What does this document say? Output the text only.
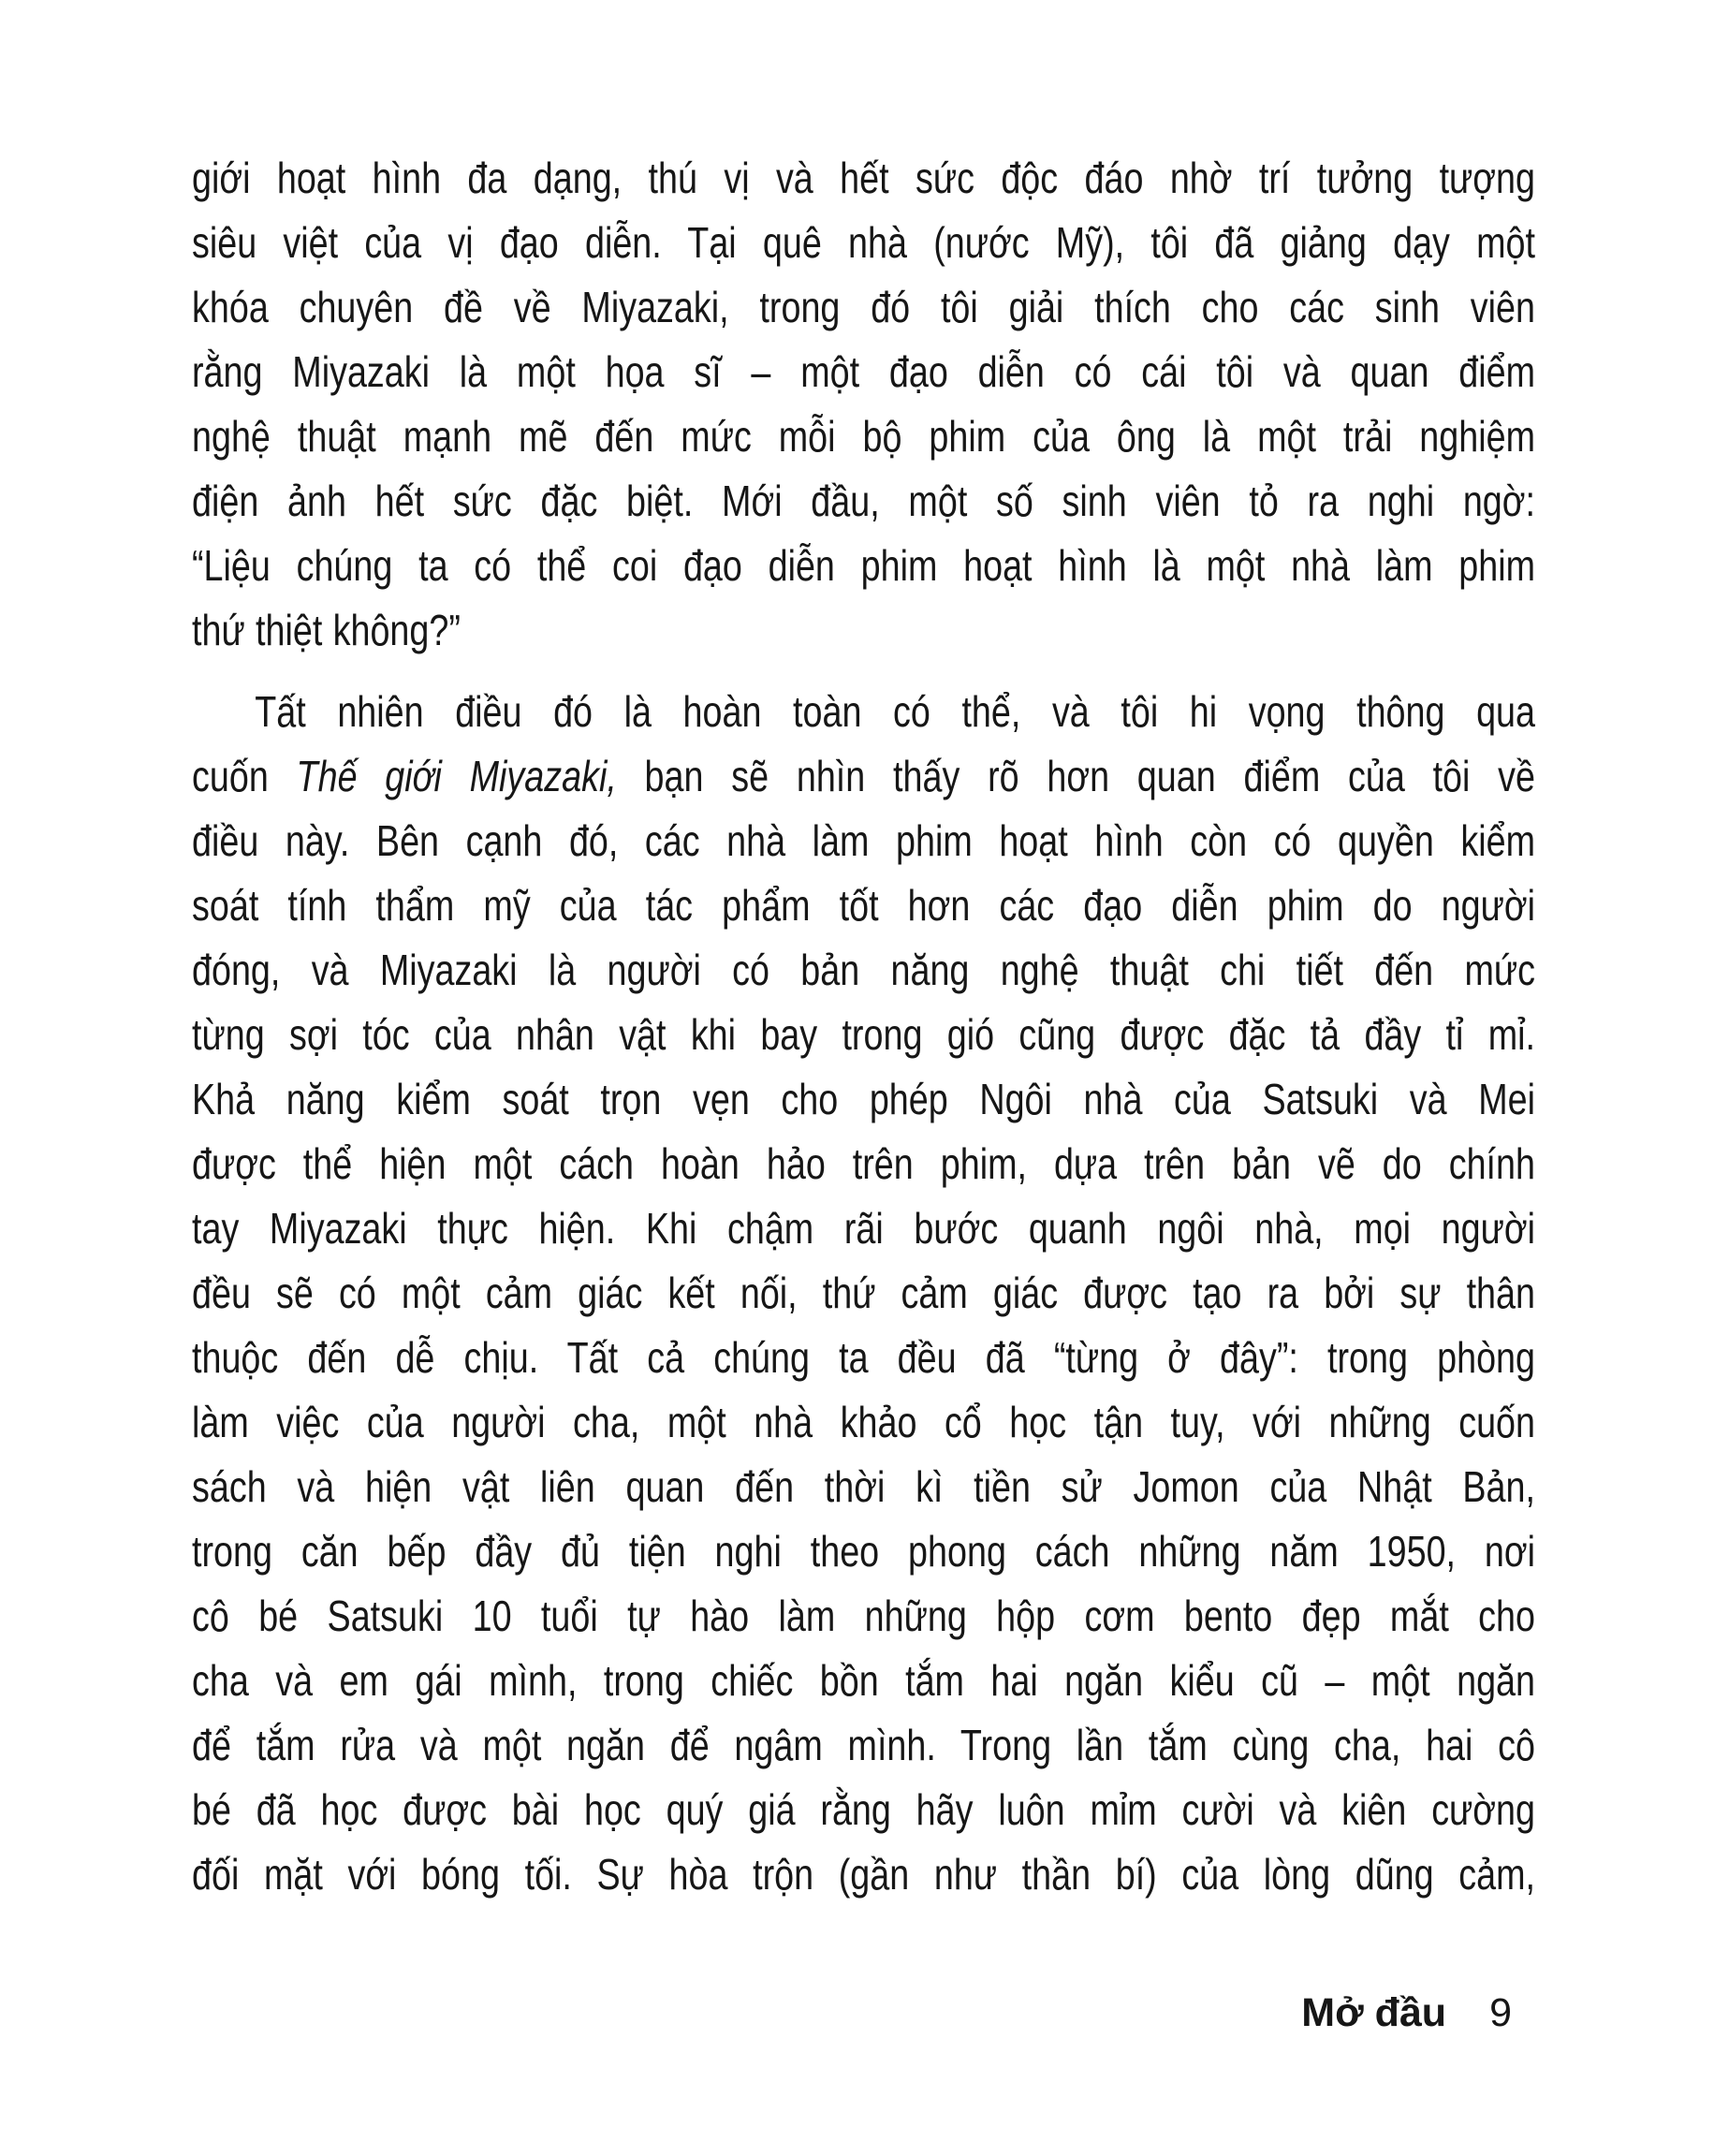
giới hoạt hình đa dạng, thú vị và hết sức độc đáo nhờ trí tưởng tượng
siêu việt của vị đạo diễn. Tại quê nhà (nước Mỹ), tôi đã giảng dạy một
khóa chuyên đề về Miyazaki, trong đó tôi giải thích cho các sinh viên
rằng Miyazaki là một họa sĩ – một đạo diễn có cái tôi và quan điểm
nghệ thuật mạnh mẽ đến mức mỗi bộ phim của ông là một trải nghiệm
điện ảnh hết sức đặc biệt. Mới đầu, một số sinh viên tỏ ra nghi ngờ:
“Liệu chúng ta có thể coi đạo diễn phim hoạt hình là một nhà làm phim
thứ thiệt không?”
Tất nhiên điều đó là hoàn toàn có thể, và tôi hi vọng thông qua
cuốn Thế giới Miyazaki, bạn sẽ nhìn thấy rõ hơn quan điểm của tôi về
điều này. Bên cạnh đó, các nhà làm phim hoạt hình còn có quyền kiểm
soát tính thẩm mỹ của tác phẩm tốt hơn các đạo diễn phim do người
đóng, và Miyazaki là người có bản năng nghệ thuật chi tiết đến mức
từng sợi tóc của nhân vật khi bay trong gió cũng được đặc tả đầy tỉ mỉ.
Khả năng kiểm soát trọn vẹn cho phép Ngôi nhà của Satsuki và Mei
được thể hiện một cách hoàn hảo trên phim, dựa trên bản vẽ do chính
tay Miyazaki thực hiện. Khi chậm rãi bước quanh ngôi nhà, mọi người
đều sẽ có một cảm giác kết nối, thứ cảm giác được tạo ra bởi sự thân
thuộc đến dễ chịu. Tất cả chúng ta đều đã “từng ở đây”: trong phòng
làm việc của người cha, một nhà khảo cổ học tận tuy, với những cuốn
sách và hiện vật liên quan đến thời kì tiền sử Jomon của Nhật Bản,
trong căn bếp đầy đủ tiện nghi theo phong cách những năm 1950, nơi
cô bé Satsuki 10 tuổi tự hào làm những hộp cơm bento đẹp mắt cho
cha và em gái mình, trong chiếc bồn tắm hai ngăn kiểu cũ – một ngăn
để tắm rửa và một ngăn để ngâm mình. Trong lần tắm cùng cha, hai cô
bé đã học được bài học quý giá rằng hãy luôn mỉm cười và kiên cường
đối mặt với bóng tối. Sự hòa trộn (gần như thần bí) của lòng dũng cảm,
Mở đầu 9
